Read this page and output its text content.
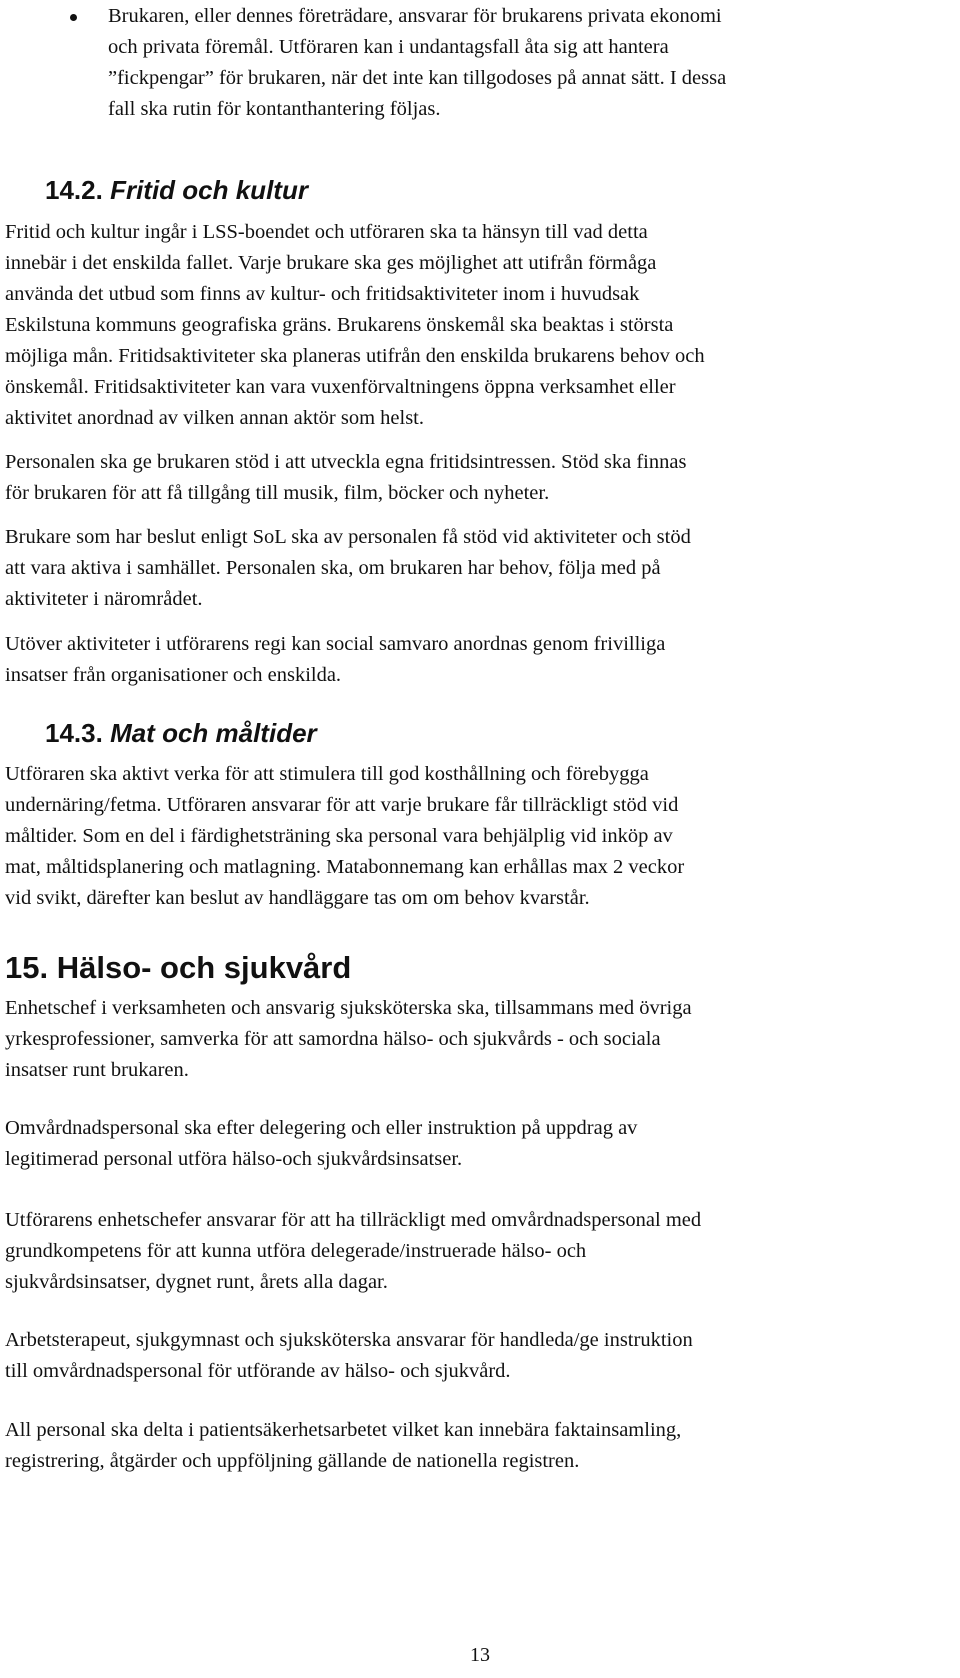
Brukaren, eller dennes företrädare, ansvarar för brukarens privata ekonomi
och privata föremål. Utföraren kan i undantagsfall åta sig att hantera
”fickpengar” för brukaren, när det inte kan tillgodoses på annat sätt. I dessa
fall ska rutin för kontanthantering följas.

14.2. Fritid och kultur

Fritid och kultur ingår i LSS-boendet och utföraren ska ta hänsyn till vad detta
innebär i det enskilda fallet. Varje brukare ska ges möjlighet att utifrån förmåga
använda det utbud som finns av kultur- och fritidsaktiviteter inom i huvudsak
Eskilstuna kommuns geografiska gräns. Brukarens önskemål ska beaktas i största
möjliga mån. Fritidsaktiviteter ska planeras utifrån den enskilda brukarens behov och
önskemål. Fritidsaktiviteter kan vara vuxenförvaltningens öppna verksamhet eller
aktivitet anordnad av vilken annan aktör som helst.

Personalen ska ge brukaren stöd i att utveckla egna fritidsintressen. Stöd ska finnas
för brukaren för att få tillgång till musik, film, böcker och nyheter.

Brukare som har beslut enligt SoL ska av personalen få stöd vid aktiviteter och stöd
att vara aktiva i samhället. Personalen ska, om brukaren har behov, följa med på
aktiviteter i närområdet.

Utöver aktiviteter i utförarens regi kan social samvaro anordnas genom frivilliga
insatser från organisationer och enskilda.

14.3. Mat och måltider

Utföraren ska aktivt verka för att stimulera till god kosthållning och förebygga
undernäring/fetma. Utföraren ansvarar för att varje brukare får tillräckligt stöd vid
måltider. Som en del i färdighetsträning ska personal vara behjälplig vid inköp av
mat, måltidsplanering och matlagning. Matabonnemang kan erhållas max 2 veckor
vid svikt, därefter kan beslut av handläggare tas om om behov kvarstår.

15. Hälso- och sjukvård

Enhetschef i verksamheten och ansvarig sjuksköterska ska, tillsammans med övriga
yrkesprofessioner, samverka för att samordna hälso- och sjukvårds - och sociala
insatser runt brukaren.

Omvårdnadspersonal ska efter delegering och eller instruktion på uppdrag av
legitimerad personal utföra hälso-och sjukvårdsinsatser.

Utförarens enhetschefer ansvarar för att ha tillräckligt med omvårdnadspersonal med
grundkompetens för att kunna utföra delegerade/instruerade hälso- och
sjukvårdsinsatser, dygnet runt, årets alla dagar.

Arbetsterapeut, sjukgymnast och sjuksköterska ansvarar för handleda/ge instruktion
till omvårdnadspersonal för utförande av hälso- och sjukvård.

All personal ska delta i patientsäkerhetsarbetet vilket kan innebära faktainsamling,
registrering, åtgärder och uppföljning gällande de nationella registren.

13
